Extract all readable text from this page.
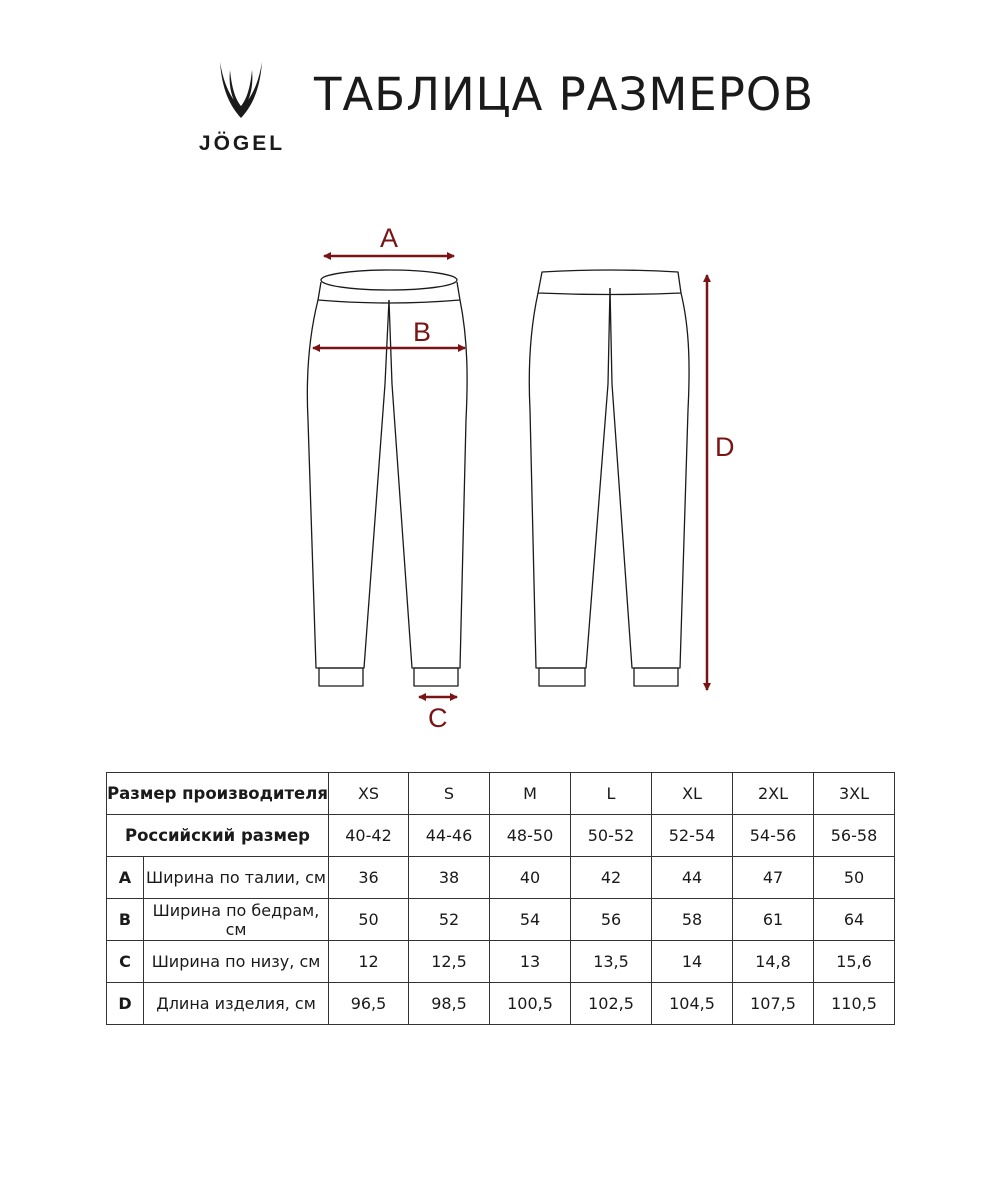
JÖGEL
ТАБЛИЦА РАЗМЕРОВ
A
B
C
D
Размер производителя		XS	S	M	L	XL	2XL	3XL
Российский размер		40-42	44-46	48-50	50-52	52-54	54-56	56-58
A	Ширина по талии, см	36	38	40	42	44	47	50
B	Ширина по бедрам, см	50	52	54	56	58	61	64
C	Ширина по низу, см	12	12,5	13	13,5	14	14,8	15,6
D	Длина изделия, см	96,5	98,5	100,5	102,5	104,5	107,5	110,5
